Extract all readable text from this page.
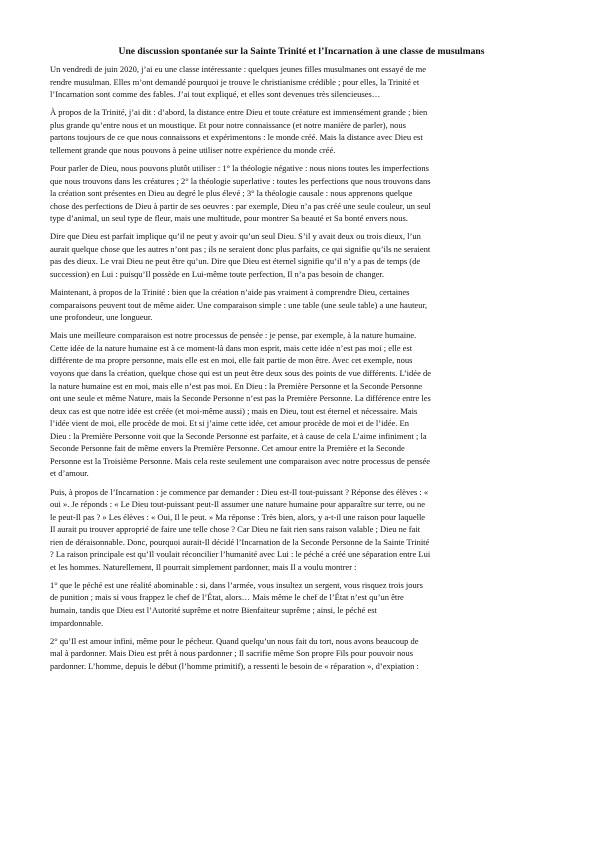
Une discussion spontanée sur la Sainte Trinité et l’Incarnation à une classe de musulmans

Un vendredi de juin 2020, j’ai eu une classe intéressante : quelques jeunes filles musulmanes ont essayé de me
rendre musulman. Elles m’ont demandé pourquoi je trouve le christianisme crédible ; pour elles, la Trinité et
l’Incarnation sont comme des fables. J’ai tout expliqué, et elles sont devenues très silencieuses…

À propos de la Trinité, j’ai dit : d’abord, la distance entre Dieu et toute créature est immensément grande ; bien
plus grande qu’entre nous et un moustique. Et pour notre connaissance (et notre manière de parler), nous
partons toujours de ce que nous connaissons et expérimentons : le monde créé. Mais la distance avec Dieu est
tellement grande que nous pouvons à peine utiliser notre expérience du monde créé.

Pour parler de Dieu, nous pouvons plutôt utiliser : 1° la théologie négative : nous nions toutes les imperfections
que nous trouvons dans les créatures ; 2° la théologie superlative : toutes les perfections que nous trouvons dans
la création sont présentes en Dieu au degré le plus élevé ; 3° la théologie causale : nous apprenons quelque
chose des perfections de Dieu à partir de ses oeuvres : par exemple, Dieu n’a pas créé une seule couleur, un seul
type d’animal, un seul type de fleur, mais une multitude, pour montrer Sa beauté et Sa bonté envers nous.

Dire que Dieu est parfait implique qu’il ne peut y avoir qu’un seul Dieu. S’il y avait deux ou trois dieux, l’un
aurait quelque chose que les autres n’ont pas ; ils ne seraient donc plus parfaits, ce qui signifie qu’ils ne seraient
pas des dieux. Le vrai Dieu ne peut être qu’un. Dire que Dieu est éternel signifie qu’il n’y a pas de temps (de
succession) en Lui : puisqu’Il possède en Lui-même toute perfection, Il n’a pas besoin de changer.

Maintenant, à propos de la Trinité : bien que la création n’aide pas vraiment à comprendre Dieu, certaines
comparaisons peuvent tout de même aider. Une comparaison simple : une table (une seule table) a une hauteur,
une profondeur, une longueur.

Mais une meilleure comparaison est notre processus de pensée : je pense, par exemple, à la nature humaine.
Cette idée de la nature humaine est à ce moment-là dans mon esprit, mais cette idée n’est pas moi ; elle est
différente de ma propre personne, mais elle est en moi, elle fait partie de mon être. Avec cet exemple, nous
voyons que dans la création, quelque chose qui est un peut être deux sous des points de vue différents. L’idée de
la nature humaine est en moi, mais elle n’est pas moi. En Dieu : la Première Personne et la Seconde Personne
ont une seule et même Nature, mais la Seconde Personne n’est pas la Première Personne. La différence entre les
deux cas est que notre idée est créée (et moi-même aussi) ; mais en Dieu, tout est éternel et nécessaire. Mais
l’idée vient de moi, elle procède de moi. Et si j’aime cette idée, cet amour procède de moi et de l’idée. En
Dieu : la Première Personne voit que la Seconde Personne est parfaite, et à cause de cela L’aime infiniment ; la
Seconde Personne fait de même envers la Première Personne. Cet amour entre la Première et la Seconde
Personne est la Troisième Personne. Mais cela reste seulement une comparaison avec notre processus de pensée
et d’amour.

Puis, à propos de l’Incarnation : je commence par demander : Dieu est-Il tout-puissant ? Réponse des élèves : «
oui ». Je réponds : « Le Dieu tout-puissant peut-Il assumer une nature humaine pour apparaître sur terre, ou ne
le peut-Il pas ? » Les élèves : « Oui, Il le peut. » Ma réponse : Très bien, alors, y a-t-il une raison pour laquelle
Il aurait pu trouver approprié de faire une telle chose ? Car Dieu ne fait rien sans raison valable ; Dieu ne fait
rien de déraisonnable. Donc, pourquoi aurait-Il décidé l’Incarnation de la Seconde Personne de la Sainte Trinité
? La raison principale est qu’Il voulait réconcilier l’humanité avec Lui : le péché a créé une séparation entre Lui
et les hommes. Naturellement, Il pourrait simplement pardonner, mais Il a voulu montrer :

1° que le péché est une réalité abominable : si, dans l’armée, vous insultez un sergent, vous risquez trois jours
de punition ; mais si vous frappez le chef de l’État, alors… Mais même le chef de l’État n’est qu’un être
humain, tandis que Dieu est l’Autorité suprême et notre Bienfaiteur suprême ; ainsi, le péché est
impardonnable.

2° qu’Il est amour infini, même pour le pécheur. Quand quelqu’un nous fait du tort, nous avons beaucoup de
mal à pardonner. Mais Dieu est prêt à nous pardonner ; Il sacrifie même Son propre Fils pour pouvoir nous
pardonner. L’homme, depuis le début (l’homme primitif), a ressenti le besoin de « réparation », d’expiation :
